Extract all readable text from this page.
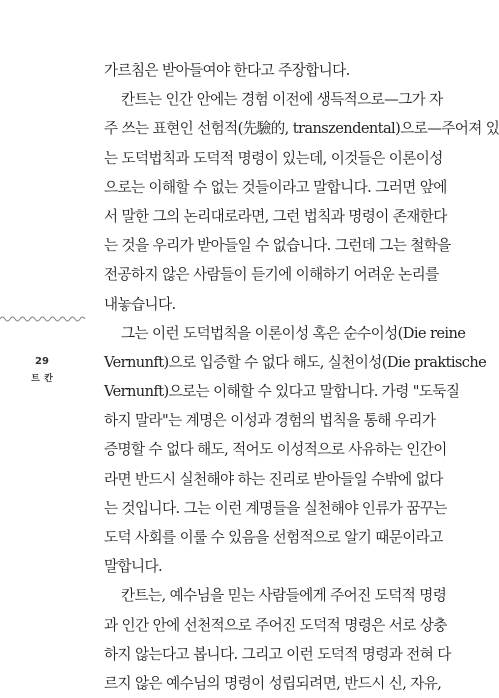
29
칸트
가르침은 받아들여야 한다고 주장합니다.
칸트는 인간 안에는 경험 이전에 생득적으로—그가 자
주 쓰는 표현인 선험적(先驗的, transzendental)으로—주어져 있
는 도덕법칙과 도덕적 명령이 있는데, 이것들은 이론이성
으로는 이해할 수 없는 것들이라고 말합니다. 그러면 앞에
서 말한 그의 논리대로라면, 그런 법칙과 명령이 존재한다
는 것을 우리가 받아들일 수 없습니다. 그런데 그는 철학을
전공하지 않은 사람들이 듣기에 이해하기 어려운 논리를
내놓습니다.
그는 이런 도덕법칙을 이론이성 혹은 순수이성(Die reine
Vernunft)으로 입증할 수 없다 해도, 실천이성(Die praktische
Vernunft)으로는 이해할 수 있다고 말합니다. 가령 "도둑질
하지 말라"는 계명은 이성과 경험의 법칙을 통해 우리가
증명할 수 없다 해도, 적어도 이성적으로 사유하는 인간이
라면 반드시 실천해야 하는 진리로 받아들일 수밖에 없다
는 것입니다. 그는 이런 계명들을 실천해야 인류가 꿈꾸는
도덕 사회를 이룰 수 있음을 선험적으로 알기 때문이라고
말합니다.
칸트는, 예수님을 믿는 사람들에게 주어진 도덕적 명령
과 인간 안에 선천적으로 주어진 도덕적 명령은 서로 상충
하지 않는다고 봅니다. 그리고 이런 도덕적 명령과 전혀 다
르지 않은 예수님의 명령이 성립되려면, 반드시 신, 자유,
